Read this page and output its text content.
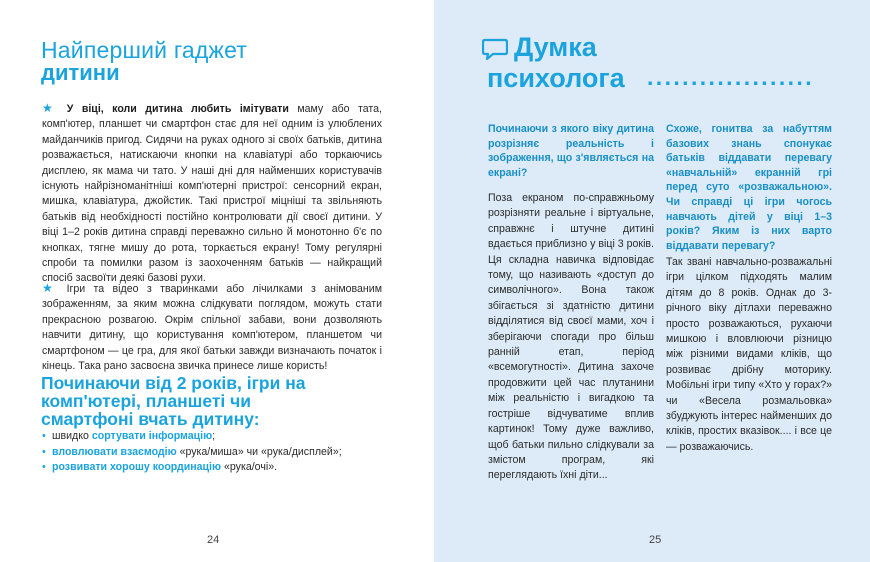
Найперший гаджет
дитини
★ У віці, коли дитина любить імітувати маму або тата, комп'ютер, планшет чи смартфон стає для неї одним із улюблених майданчиків пригод. Сидячи на руках одного зі своїх батьків, дитина розважається, натискаючи кнопки на клавіатурі або торкаючись дисплею, як мама чи тато. У наші дні для найменших користувачів існують найрізноманітніші комп'ютерні пристрої: сенсорний екран, мишка, клавіатура, джойстик. Такі пристрої міцніші та звільняють батьків від необхідності постійно контролювати дії своєї дитини. У віці 1–2 років дитина справді переважно сильно й монотонно б'є по кнопках, тягне мишу до рота, торкається екрану! Тому регулярні спроби та помилки разом із заохоченням батьків — найкращий спосіб засвоїти деякі базові рухи.
★ Ігри та відео з тваринками або лічилками з анімованим зображенням, за яким можна слідкувати поглядом, можуть стати прекрасною розвагою. Окрім спільної забави, вони дозволяють навчити дитину, що користування комп'ютером, планшетом чи смартфоном — це гра, для якої батьки завжди визначають початок і кінець. Така рано засвоєна звичка принесе лише користь!
Починаючи від 2 років, ігри на комп'ютері, планшеті чи смартфоні вчать дитину:
• швидко сортувати інформацію;
• вловлювати взаємодію «рука/миша» чи «рука/дисплей»;
• розвивати хорошу координацію «рука/очі».
24
Думка
психолога ...................
Починаючи з якого віку дитина розрізняє реальність і зображення, що з'являється на екрані?
Поза екраном по-справжньому розрізняти реальне і віртуальне, справжнє і штучне дитині вдається приблизно у віці 3 років. Ця складна навичка відповідає тому, що називають «доступ до символічного». Вона також збігається зі здатністю дитини відділятися від своєї мами, хоч і зберігаючи спогади про більш ранній етап, період «всемогутності». Дитина захоче продовжити цей час плутанини між реальністю і вигадкою та гостріше відчуватиме вплив картинок! Тому дуже важливо, щоб батьки пильно слідкували за змістом програм, які переглядають їхні діти...
Схоже, гонитва за набуттям базових знань спонукає батьків віддавати перевагу «навчальній» екранній грі перед суто «розважальною». Чи справді ці ігри чогось навчають дітей у віці 1–3 років? Яким із них варто віддавати перевагу?
Так звані навчально-розважальні ігри цілком підходять малим дітям до 8 років. Однак до 3-річного віку дітлахи переважно просто розважаються, рухаючи мишкою і вловлюючи різницю між різними видами кліків, що розвиває дрібну моторику. Мобільні ігри типу «Хто у горах?» чи «Весела розмальовка» збуджують інтерес найменших до кліків, простих вказівок.... і все це — розважаючись.
25
